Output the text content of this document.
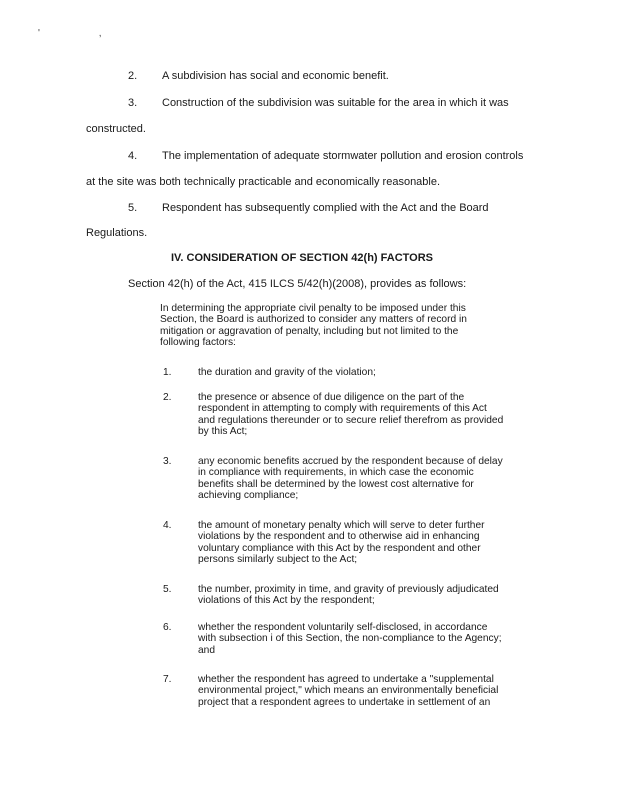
' ,
2. A subdivision has social and economic benefit.
3. Construction of the subdivision was suitable for the area in which it was
constructed.
4. The implementation of adequate stormwater pollution and erosion controls
at the site was both technically practicable and economically reasonable.
5. Respondent has subsequently complied with the Act and the Board
Regulations.
IV. CONSIDERATION OF SECTION 42(h) FACTORS
Section 42(h) of the Act, 415 ILCS 5/42(h)(2008), provides as follows:
In determining the appropriate civil penalty to be imposed under this
Section, the Board is authorized to consider any matters of record in
mitigation or aggravation of penalty, including but not limited to the
following factors:
1.	the duration and gravity of the violation;
2.	the presence or absence of due diligence on the part of the
respondent in attempting to comply with requirements of this Act
and regulations thereunder or to secure relief therefrom as provided
by this Act;
3.	any economic benefits accrued by the respondent because of delay
in compliance with requirements, in which case the economic
benefits shall be determined by the lowest cost alternative for
achieving compliance;
4.	the amount of monetary penalty which will serve to deter further
violations by the respondent and to otherwise aid in enhancing
voluntary compliance with this Act by the respondent and other
persons similarly subject to the Act;
5.	the number, proximity in time, and gravity of previously adjudicated
violations of this Act by the respondent;
6.	whether the respondent voluntarily self-disclosed, in accordance
with subsection i of this Section, the non-compliance to the Agency;
and
7.	whether the respondent has agreed to undertake a "supplemental
environmental project," which means an environmentally beneficial
project that a respondent agrees to undertake in settlement of an
